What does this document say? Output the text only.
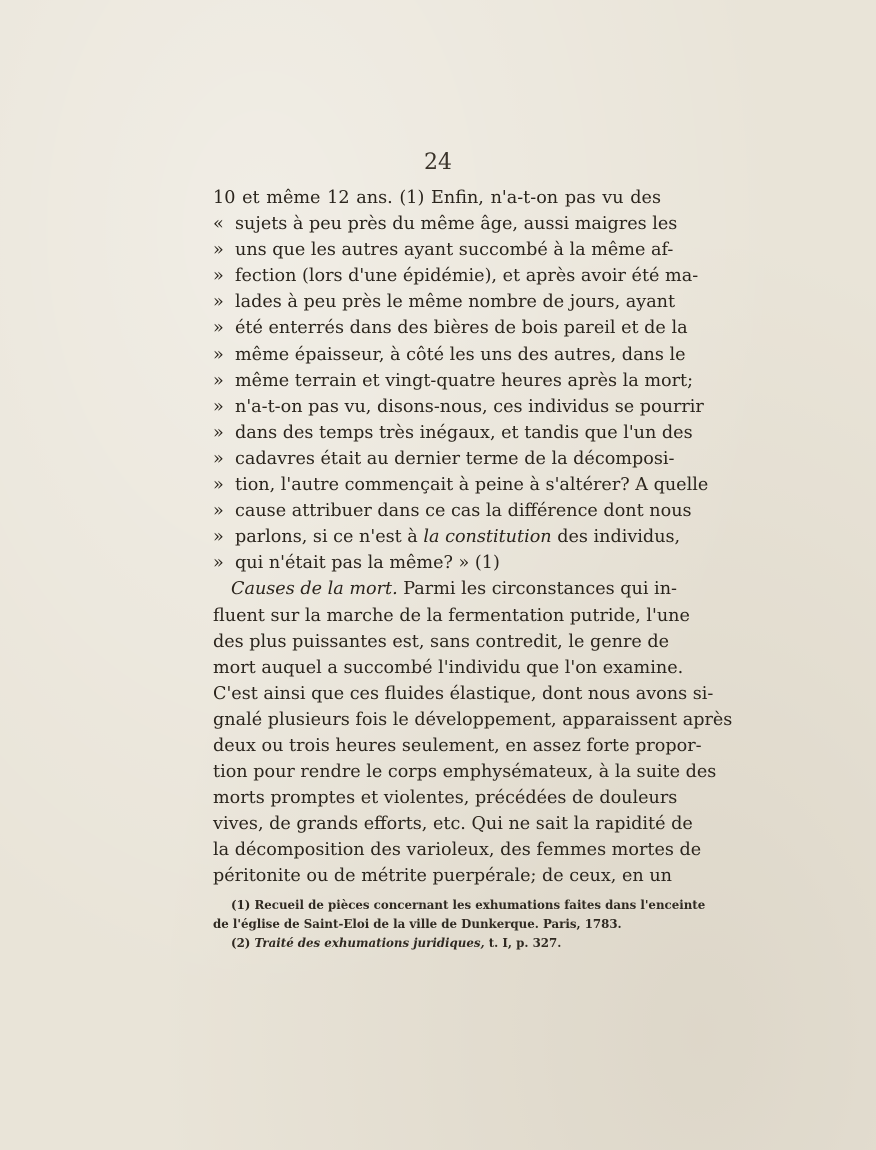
24
10 et même 12 ans. (1) Enfin, n'a-t-on pas vu des
« sujets à peu près du même âge, aussi maigres les
» uns que les autres ayant succombé à la même af-
» fection (lors d'une épidémie), et après avoir été ma-
» lades à peu près le même nombre de jours, ayant
» été enterrés dans des bières de bois pareil et de la
» même épaisseur, à côté les uns des autres, dans le
» même terrain et vingt-quatre heures après la mort;
» n'a-t-on pas vu, disons-nous, ces individus se pourrir
» dans des temps très inégaux, et tandis que l'un des
» cadavres était au dernier terme de la décomposi-
» tion, l'autre commençait à peine à s'altérer? A quelle
» cause attribuer dans ce cas la différence dont nous
» parlons, si ce n'est à la constitution des individus,
» qui n'était pas la même? » (1)
Causes de la mort. Parmi les circonstances qui in-
fluent sur la marche de la fermentation putride, l'une
des plus puissantes est, sans contredit, le genre de
mort auquel a succombé l'individu que l'on examine.
C'est ainsi que ces fluides élastique, dont nous avons si-
gnalé plusieurs fois le développement, apparaissent après
deux ou trois heures seulement, en assez forte propor-
tion pour rendre le corps emphysémateux, à la suite des
morts promptes et violentes, précédées de douleurs
vives, de grands efforts, etc. Qui ne sait la rapidité de
la décomposition des varioleux, des femmes mortes de
péritonite ou de métrite puerpérale; de ceux, en un
(1) Recueil de pièces concernant les exhumations faites dans l'enceinte
de l'église de Saint-Eloi de la ville de Dunkerque. Paris, 1783.
(2) Traité des exhumations juridiques, t. I, p. 327.
